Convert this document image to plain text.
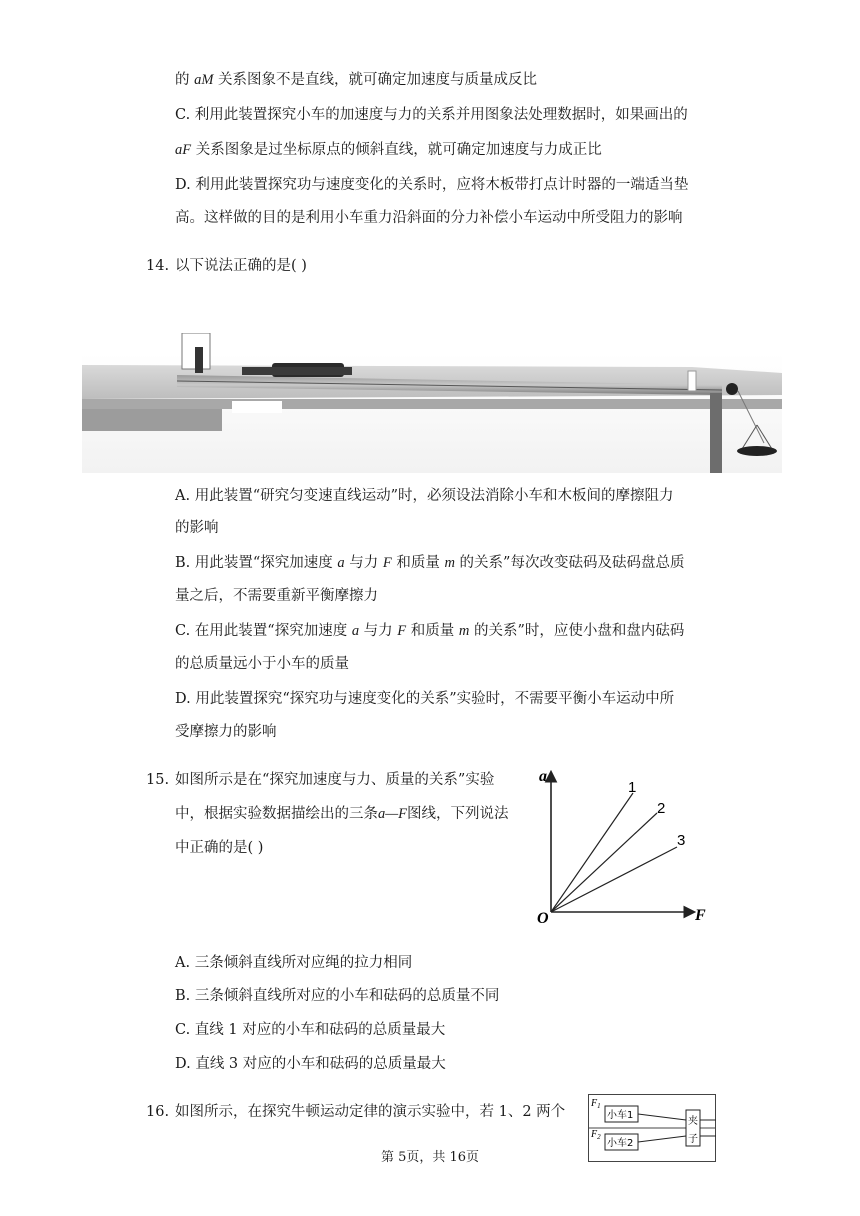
的 aM 关系图象不是直线，就可确定加速度与质量成反比
C. 利用此装置探究小车的加速度与力的关系并用图象法处理数据时，如果画出的
aF 关系图象是过坐标原点的倾斜直线，就可确定加速度与力成正比
D. 利用此装置探究功与速度变化的关系时，应将木板带打点计时器的一端适当垫
高。这样做的目的是利用小车重力沿斜面的分力补偿小车运动中所受阻力的影响
14. 以下说法正确的是( )
A. 用此装置“研究匀变速直线运动”时，必须设法消除小车和木板间的摩擦阻力
的影响
B. 用此装置“探究加速度 a 与力 F 和质量 m 的关系”每次改变砝码及砝码盘总质
量之后，不需要重新平衡摩擦力
C. 在用此装置“探究加速度 a 与力 F 和质量 m 的关系”时，应使小盘和盘内砝码
的总质量远小于小车的质量
D. 用此装置探究“探究功与速度变化的关系”实验时，不需要平衡小车运动中所
受摩擦力的影响
15. 如图所示是在“探究加速度与力、质量的关系”实验
中，根据实验数据描绘出的三条a—F图线，下列说法
中正确的是( )
a
F
O
1
2
3
A. 三条倾斜直线所对应绳的拉力相同
B. 三条倾斜直线所对应的小车和砝码的总质量不同
C. 直线 1 对应的小车和砝码的总质量最大
D. 直线 3 对应的小车和砝码的总质量最大
16. 如图所示，在探究牛顿运动定律的演示实验中，若 1、2 两个
$F_1$
$F_2$
小车1
小车2
夹
子
第 5页，共 16页
